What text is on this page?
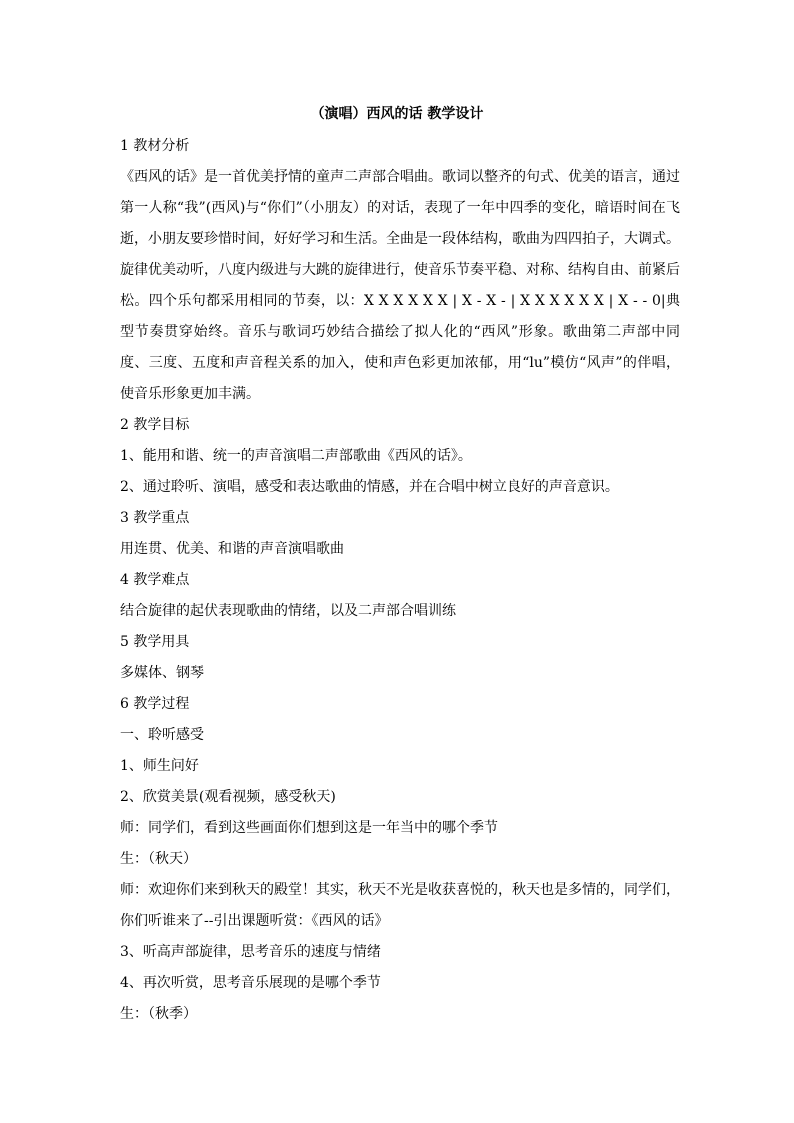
（演唱）西风的话 教学设计
1 教材分析

《西风的话》是一首优美抒情的童声二声部合唱曲。歌词以整齐的句式、优美的语言，通过第一人称“我”(西风)与“你们”（小朋友）的对话，表现了一年中四季的变化，暗语时间在飞逝，小朋友要珍惜时间，好好学习和生活。全曲是一段体结构，歌曲为四四拍子，大调式。旋律优美动听，八度内级进与大跳的旋律进行，使音乐节奏平稳、对称、结构自由、前紧后松。四个乐句都采用相同的节奏，以：X X X X X X | X - X - | X X X X X X | X - - 0|典型节奏贯穿始终。音乐与歌词巧妙结合描绘了拟人化的“西风”形象。歌曲第二声部中同度、三度、五度和声音程关系的加入，使和声色彩更加浓郁，用“lu”模仿“风声”的伴唱，使音乐形象更加丰满。

2 教学目标
1、能用和谐、统一的声音演唱二声部歌曲《西风的话》。
2、通过聆听、演唱，感受和表达歌曲的情感，并在合唱中树立良好的声音意识。
3 教学重点
用连贯、优美、和谐的声音演唱歌曲
4 教学难点
结合旋律的起伏表现歌曲的情绪，以及二声部合唱训练
5 教学用具
多媒体、钢琴
6 教学过程
一、聆听感受
1、师生问好
2、欣赏美景(观看视频，感受秋天)
师：同学们，看到这些画面你们想到这是一年当中的哪个季节
生：（秋天）

师：欢迎你们来到秋天的殿堂！其实，秋天不光是收获喜悦的，秋天也是多情的，同学们，你们听谁来了--引出课题听赏：《西风的话》

3、听高声部旋律，思考音乐的速度与情绪
4、再次听赏，思考音乐展现的是哪个季节
生：（秋季）
